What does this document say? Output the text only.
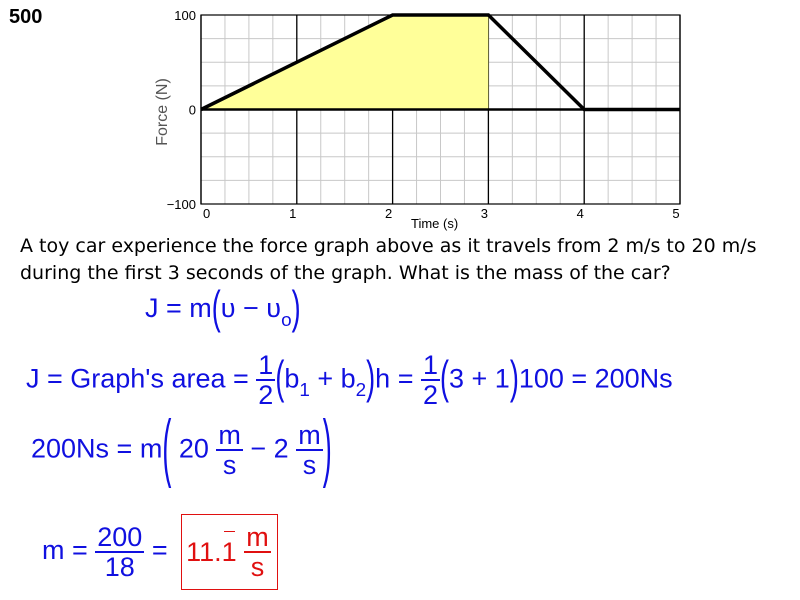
500
0	1	2	3	4	5
100
0
−100
Time (s)
Force (N)
A toy car experience the force graph above as it travels from 2 m/s to 20 m/s during the first 3 seconds of the graph. What is the mass of the car?
$J = m(\upsilon - \upsilon_o)$
J = Graph's area = $\frac{1}{2} (b_1 + b_2)h = \frac{1}{2} (3 + 1)100 = 200Ns$
200Ns = m( $20 \frac{m}{s} - 2 \frac{m}{s}$ )
$m = \frac{200}{18} = 11$. 1
$\frac{m}{s}$
